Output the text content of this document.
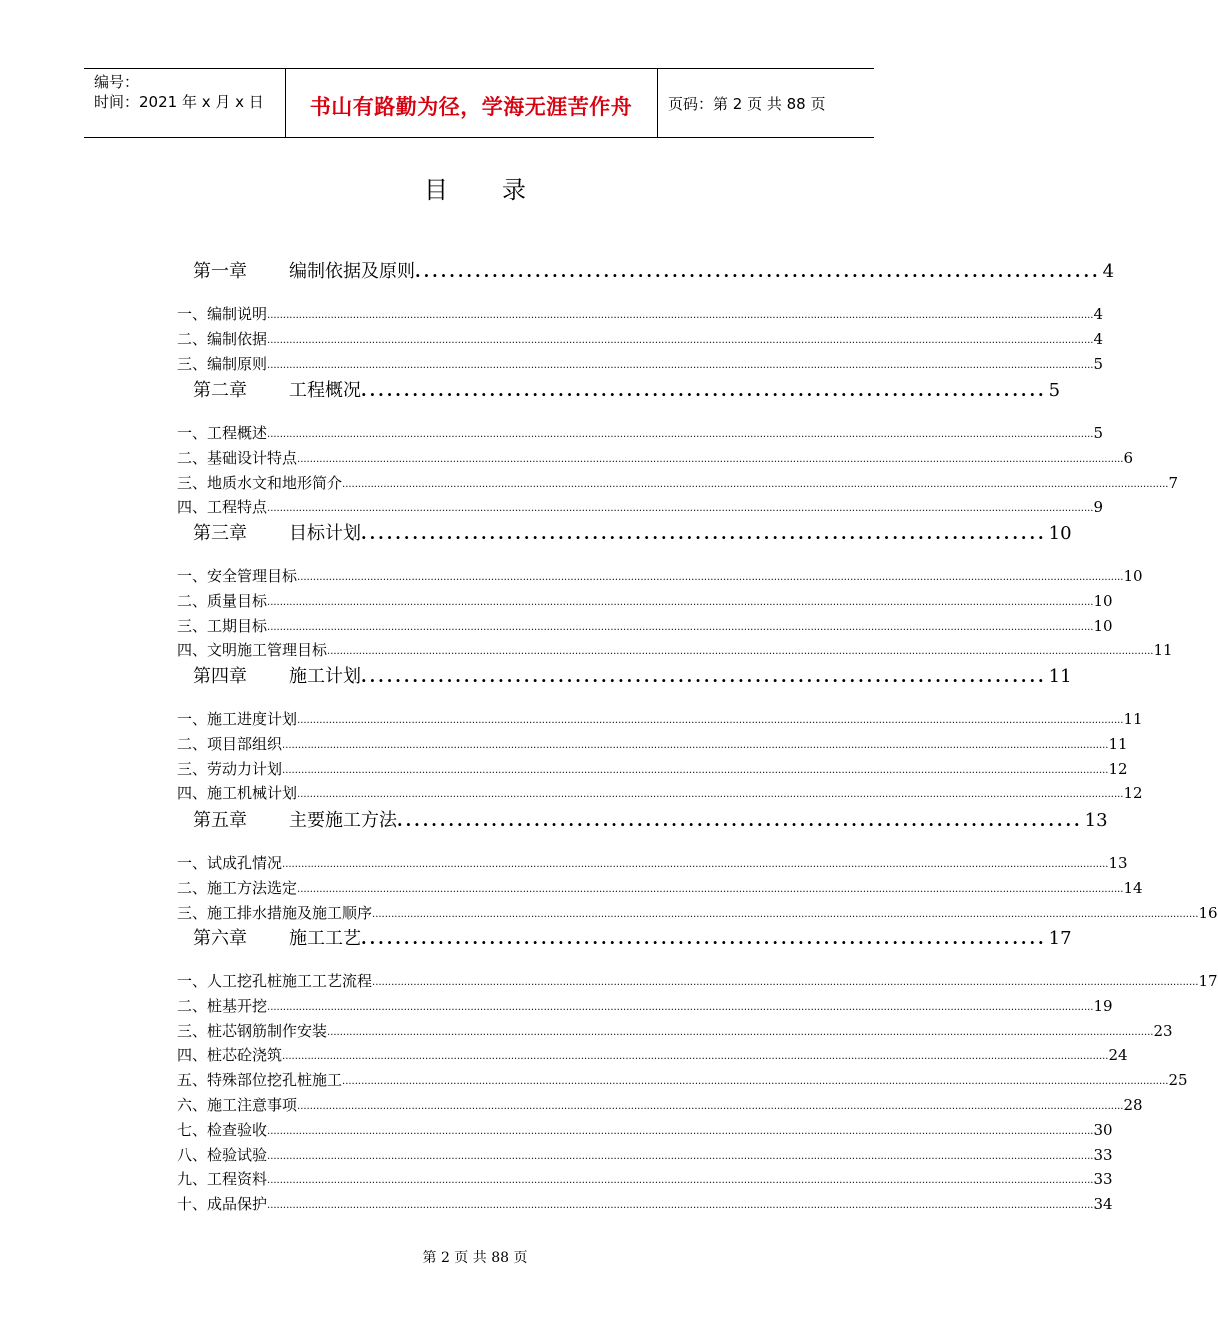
编号：
时间：2021 年 x 月 x 日	书山有路勤为径，学海无涯苦作舟	页码：第 2 页 共 88 页
目录
第一章	编制依据及原则 ................................................................................ 4
一、编制说明 .................................................................................................................................................................................................................................................................... 4
二、编制依据 .................................................................................................................................................................................................................................................................... 4
三、编制原则 .................................................................................................................................................................................................................................................................... 5
第二章	工程概况 ................................................................................ 5
一、工程概述 .................................................................................................................................................................................................................................................................... 5
二、基础设计特点 .................................................................................................................................................................................................................................................................... 6
三、地质水文和地形简介 .................................................................................................................................................................................................................................................................... 7
四、工程特点 .................................................................................................................................................................................................................................................................... 9
第三章	目标计划 ................................................................................ 10
一、安全管理目标 .................................................................................................................................................................................................................................................................... 10
二、质量目标 .................................................................................................................................................................................................................................................................... 10
三、工期目标 .................................................................................................................................................................................................................................................................... 10
四、文明施工管理目标 .................................................................................................................................................................................................................................................................... 11
第四章	施工计划 ................................................................................ 11
一、施工进度计划 .................................................................................................................................................................................................................................................................... 11
二、项目部组织 .................................................................................................................................................................................................................................................................... 11
三、劳动力计划 .................................................................................................................................................................................................................................................................... 12
四、施工机械计划 .................................................................................................................................................................................................................................................................... 12
第五章	主要施工方法 ................................................................................ 13
一、试成孔情况 .................................................................................................................................................................................................................................................................... 13
二、施工方法选定 .................................................................................................................................................................................................................................................................... 14
三、施工排水措施及施工顺序 .................................................................................................................................................................................................................................................................... 16
第六章	施工工艺 ................................................................................ 17
一、人工挖孔桩施工工艺流程 .................................................................................................................................................................................................................................................................... 17
二、桩基开挖 .................................................................................................................................................................................................................................................................... 19
三、桩芯钢筋制作安装 .................................................................................................................................................................................................................................................................... 23
四、桩芯砼浇筑 .................................................................................................................................................................................................................................................................... 24
五、特殊部位挖孔桩施工 .................................................................................................................................................................................................................................................................... 25
六、施工注意事项 .................................................................................................................................................................................................................................................................... 28
七、检查验收 .................................................................................................................................................................................................................................................................... 30
八、检验试验 .................................................................................................................................................................................................................................................................... 33
九、工程资料 .................................................................................................................................................................................................................................................................... 33
十、成品保护 .................................................................................................................................................................................................................................................................... 34
第 2 页 共 88 页
